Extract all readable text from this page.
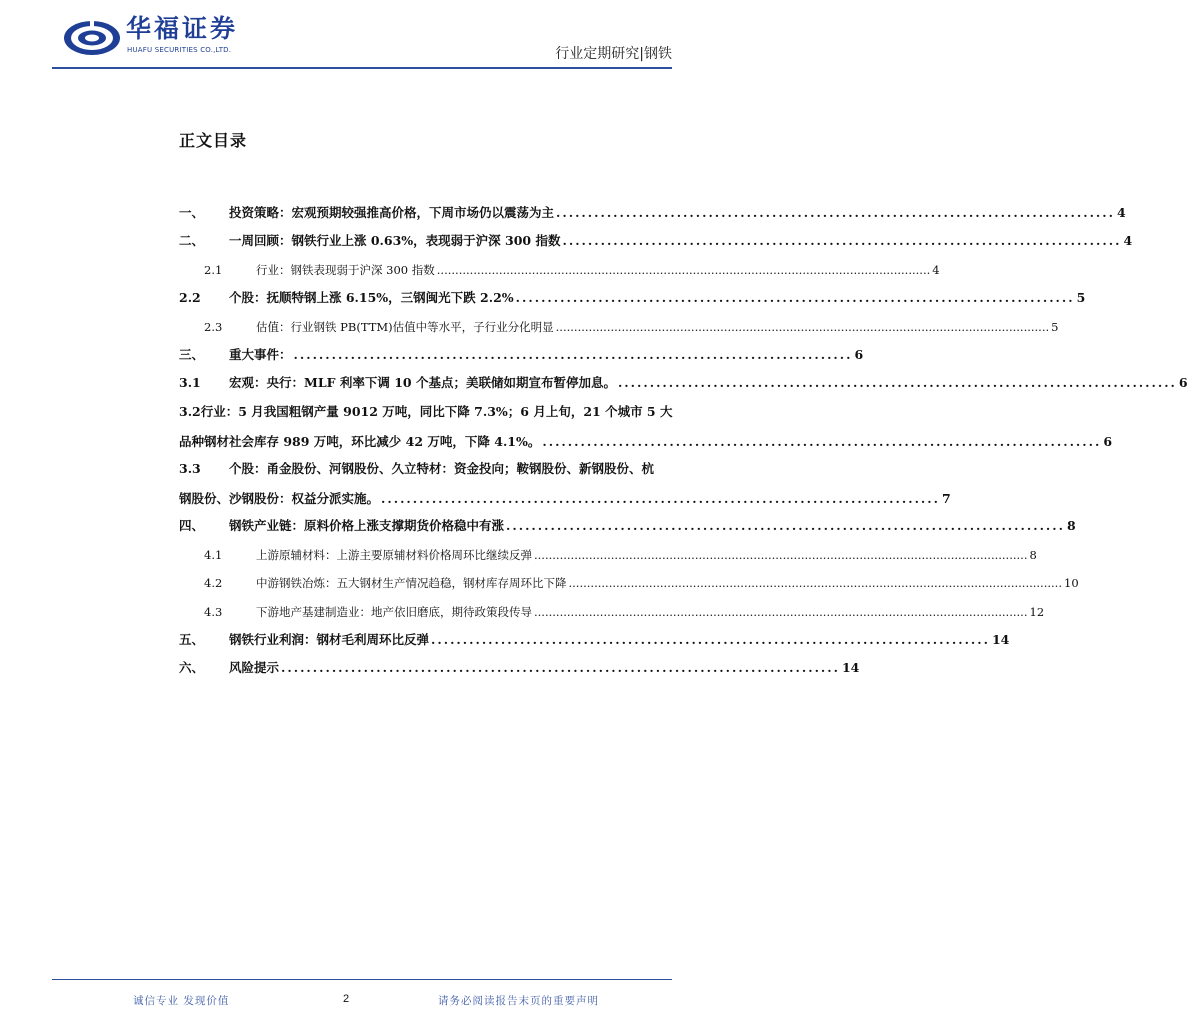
华福证券
HUAFU SECURITIES CO.,LTD.	行业定期研究|钢铁
正文目录
一、	投资策略：宏观预期较强推高价格，下周市场仍以震荡为主 ........................................................................................ 4
二、	一周回顾：钢铁行业上涨 0.63%，表现弱于沪深 300 指数 ........................................................................................ 4
2.1	行业：钢铁表现弱于沪深 300 指数 ....................................................................................................................................... 4
2.2	个股：抚顺特钢上涨 6.15%，三钢闽光下跌 2.2% ........................................................................................ 5
2.3	估值：行业钢铁 PB(TTM)估值中等水平，子行业分化明显 ....................................................................................................................................... 5
三、	重大事件： ........................................................................................ 6
3.1	宏观：央行：MLF 利率下调 10 个基点；美联储如期宣布暂停加息。 ........................................................................................ 6
3.2 行业：5 月我国粗钢产量 9012 万吨，同比下降 7.3%；6 月上旬，21 个城市 5 大
品种钢材社会库存 989 万吨，环比减少 42 万吨，下降 4.1%。 ........................................................................................ 6
3.3	个股：甬金股份、河钢股份、久立特材：资金投向；鞍钢股份、新钢股份、杭
钢股份、沙钢股份：权益分派实施。 ........................................................................................ 7
四、	钢铁产业链：原料价格上涨支撑期货价格稳中有涨 ........................................................................................ 8
4.1	上游原辅材料：上游主要原辅材料价格周环比继续反弹 ....................................................................................................................................... 8
4.2	中游钢铁冶炼：五大钢材生产情况趋稳，钢材库存周环比下降 ....................................................................................................................................... 10
4.3	下游地产基建制造业：地产依旧磨底，期待政策段传导 ....................................................................................................................................... 12
五、	钢铁行业利润：钢材毛利周环比反弹 ........................................................................................ 14
六、	风险提示 ........................................................................................ 14
诚信专业 发现价值	2	请务必阅读报告末页的重要声明
